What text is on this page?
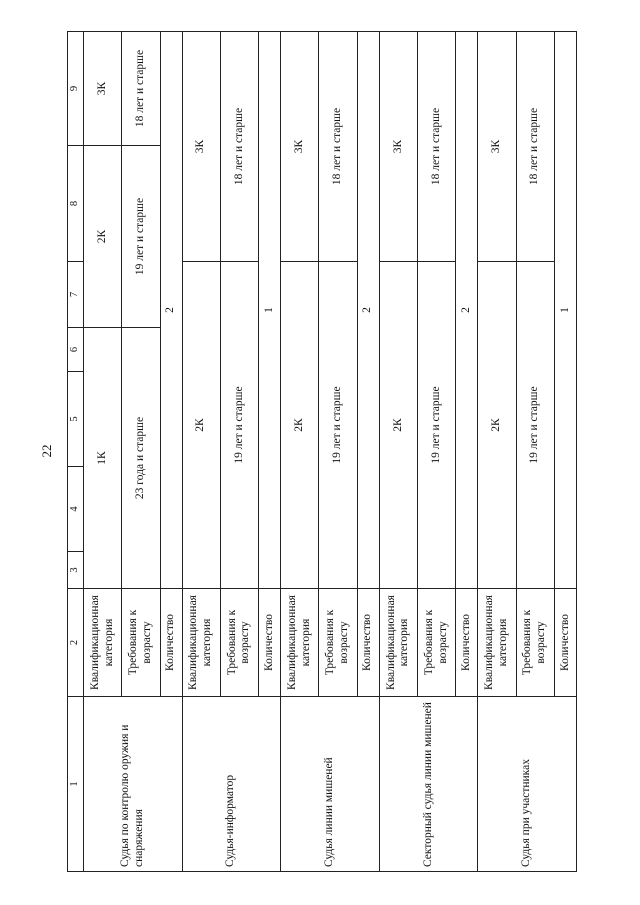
22
1	2	3	4	5	6	7	8	9
Судья по контролю оружия и снаряжения	Квалификационная категория	1К				2К		3К
	Требования к возрасту	23 года и старше				19 лет и старше		18 лет и старше
	Количество	2						
Судья-информатор	Квалификационная категория	2К					3К	
	Требования к возрасту	19 лет и старше					18 лет и старше	
	Количество	1						
Судья линии мишеней	Квалификационная категория	2К					3К	
	Требования к возрасту	19 лет и старше					18 лет и старше	
	Количество	2						
Секторный судья линии мишеней	Квалификационная категория	2К					3К	
	Требования к возрасту	19 лет и старше					18 лет и старше	
	Количество	2						
Судья при участниках	Квалификационная категория	2К					3К	
	Требования к возрасту	19 лет и старше					18 лет и старше	
	Количество	1						
